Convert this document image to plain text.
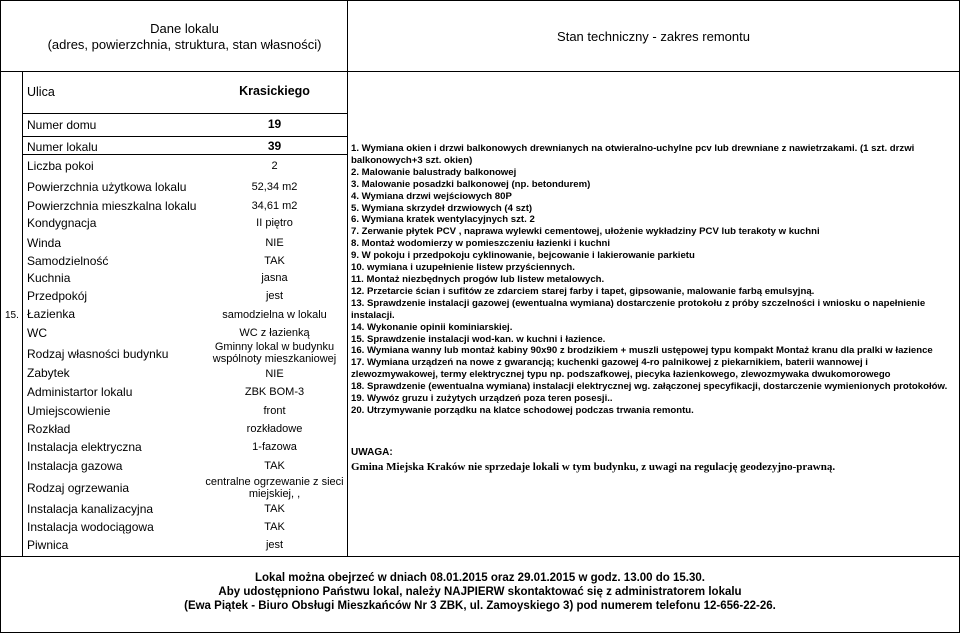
Dane lokalu
(adres, powierzchnia, struktura, stan własności)
Stan techniczny - zakres remontu
15.
Ulica	Krasickiego
Numer domu	19
Numer lokalu	39
Liczba pokoi	2
Powierzchnia użytkowa lokalu	52,34 m2
Powierzchnia mieszkalna lokalu	34,61 m2
Kondygnacja	II piętro
Winda	NIE
Samodzielność	TAK
Kuchnia	jasna
Przedpokój	jest
Łazienka	samodzielna w lokalu
WC	WC z łazienką
Rodzaj własności budynku	Gminny lokal w budynku wspólnoty mieszkaniowej
Zabytek	NIE
Administartor lokalu	ZBK BOM-3
Umiejscowienie	front
Rozkład	rozkładowe
Instalacja elektryczna	1-fazowa
Instalacja gazowa	TAK
Rodzaj ogrzewania	centralne ogrzewanie z sieci miejskiej, ,
Instalacja kanalizacyjna	TAK
Instalacja wodociągowa	TAK
Piwnica	jest
1. Wymiana okien i drzwi balkonowych drewnianych na otwieralno-uchylne pcv lub drewniane z nawietrzakami. (1 szt. drzwi balkonowych+3 szt. okien)
2. Malowanie balustrady balkonowej
3. Malowanie posadzki balkonowej (np. betondurem)
4. Wymiana drzwi wejściowych 80P
5. Wymiana skrzydeł drzwiowych (4 szt)
6. Wymiana kratek wentylacyjnych szt. 2
7. Zerwanie płytek PCV , naprawa wylewki cementowej, ułożenie wykładziny PCV lub terakoty w kuchni
8. Montaż wodomierzy w pomieszczeniu łazienki i kuchni
9. W pokoju i przedpokoju cyklinowanie, bejcowanie i lakierowanie parkietu
10. wymiana i uzupełnienie listew przyściennych.
11. Montaż niezbędnych progów lub listew metalowych.
12. Przetarcie ścian i sufitów ze zdarciem starej farby i tapet, gipsowanie, malowanie farbą emulsyjną.
13. Sprawdzenie instalacji gazowej (ewentualna wymiana) dostarczenie protokołu z próby szczelności i wniosku o napełnienie instalacji.
14. Wykonanie opinii kominiarskiej.
15. Sprawdzenie instalacji wod-kan. w kuchni i łazience.
16. Wymiana wanny lub montaż kabiny 90x90 z brodzikiem + muszli ustępowej typu kompakt Montaż kranu dla pralki w łazience
17. Wymiana urządzeń na nowe z gwarancją; kuchenki gazowej 4-ro palnikowej z piekarnikiem, baterii wannowej i zlewozmywakowej, termy elektrycznej typu np. podszafkowej, piecyka łazienkowego, zlewozmywaka dwukomorowego
18. Sprawdzenie (ewentualna wymiana) instalacji elektrycznej wg. załączonej specyfikacji, dostarczenie wymienionych protokołów.
19. Wywóz gruzu i zużytych urządzeń poza teren posesji..
20. Utrzymywanie porządku na klatce schodowej podczas trwania remontu.
UWAGA:
Gmina Miejska Kraków nie sprzedaje lokali w tym budynku, z uwagi na regulację geodezyjno-prawną.
Lokal można obejrzeć w dniach 08.01.2015 oraz 29.01.2015 w godz. 13.00 do 15.30.
Aby udostępniono Państwu lokal, należy NAJPIERW skontaktować się z administratorem lokalu
(Ewa Piątek - Biuro Obsługi Mieszkańców Nr 3 ZBK, ul. Zamoyskiego 3) pod numerem telefonu 12-656-22-26.
